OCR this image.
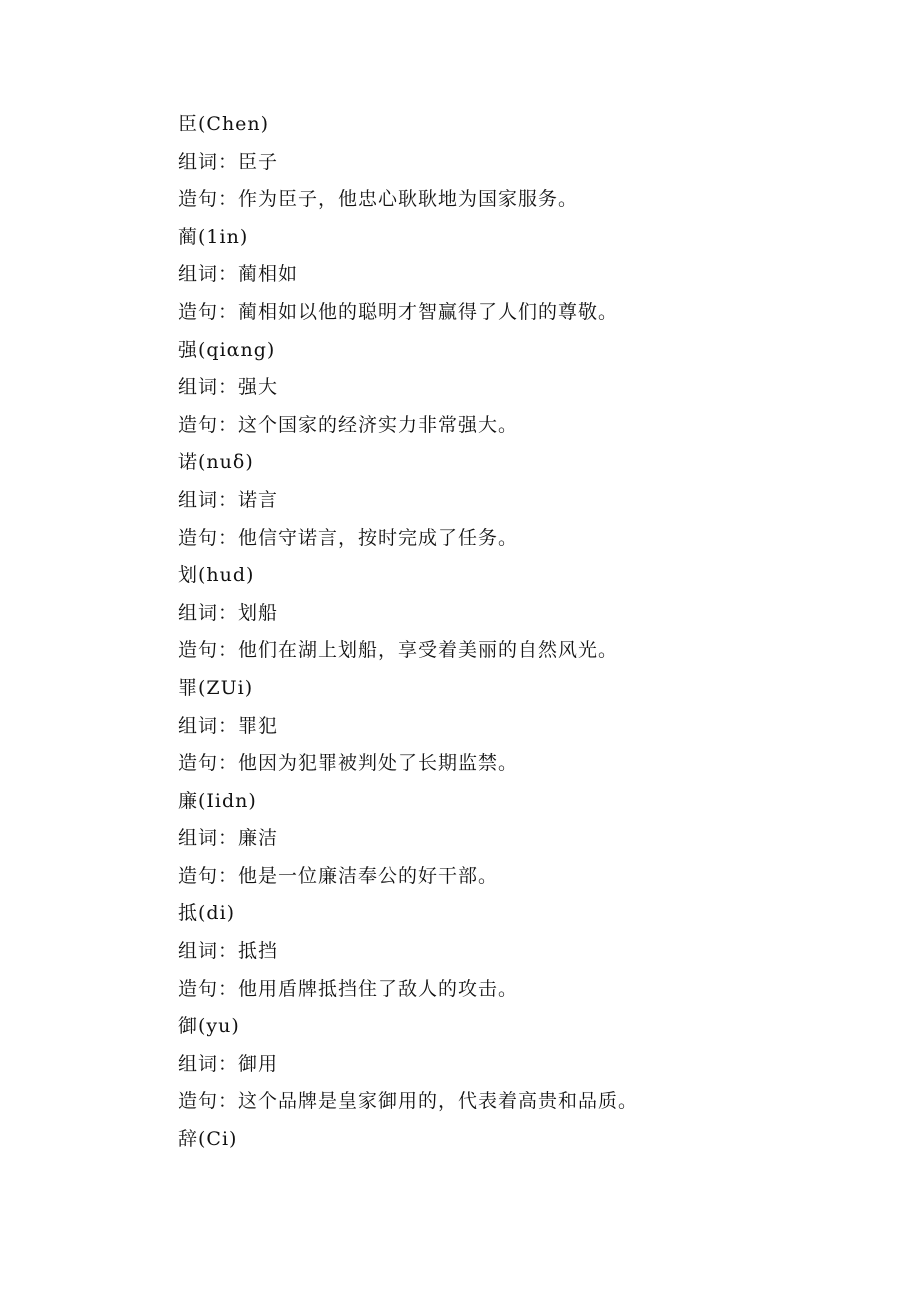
臣(Chen)
组词：臣子
造句：作为臣子，他忠心耿耿地为国家服务。
蔺(1in)
组词：蔺相如
造句：蔺相如以他的聪明才智赢得了人们的尊敬。
强(qiαng)
组词：强大
造句：这个国家的经济实力非常强大。
诺(nuδ)
组词：诺言
造句：他信守诺言，按时完成了任务。
划(hud)
组词：划船
造句：他们在湖上划船，享受着美丽的自然风光。
罪(ZUi)
组词：罪犯
造句：他因为犯罪被判处了长期监禁。
廉(Iidn)
组词：廉洁
造句：他是一位廉洁奉公的好干部。
抵(di)
组词：抵挡
造句：他用盾牌抵挡住了敌人的攻击。
御(yu)
组词：御用
造句：这个品牌是皇家御用的，代表着高贵和品质。
辞(Ci)
